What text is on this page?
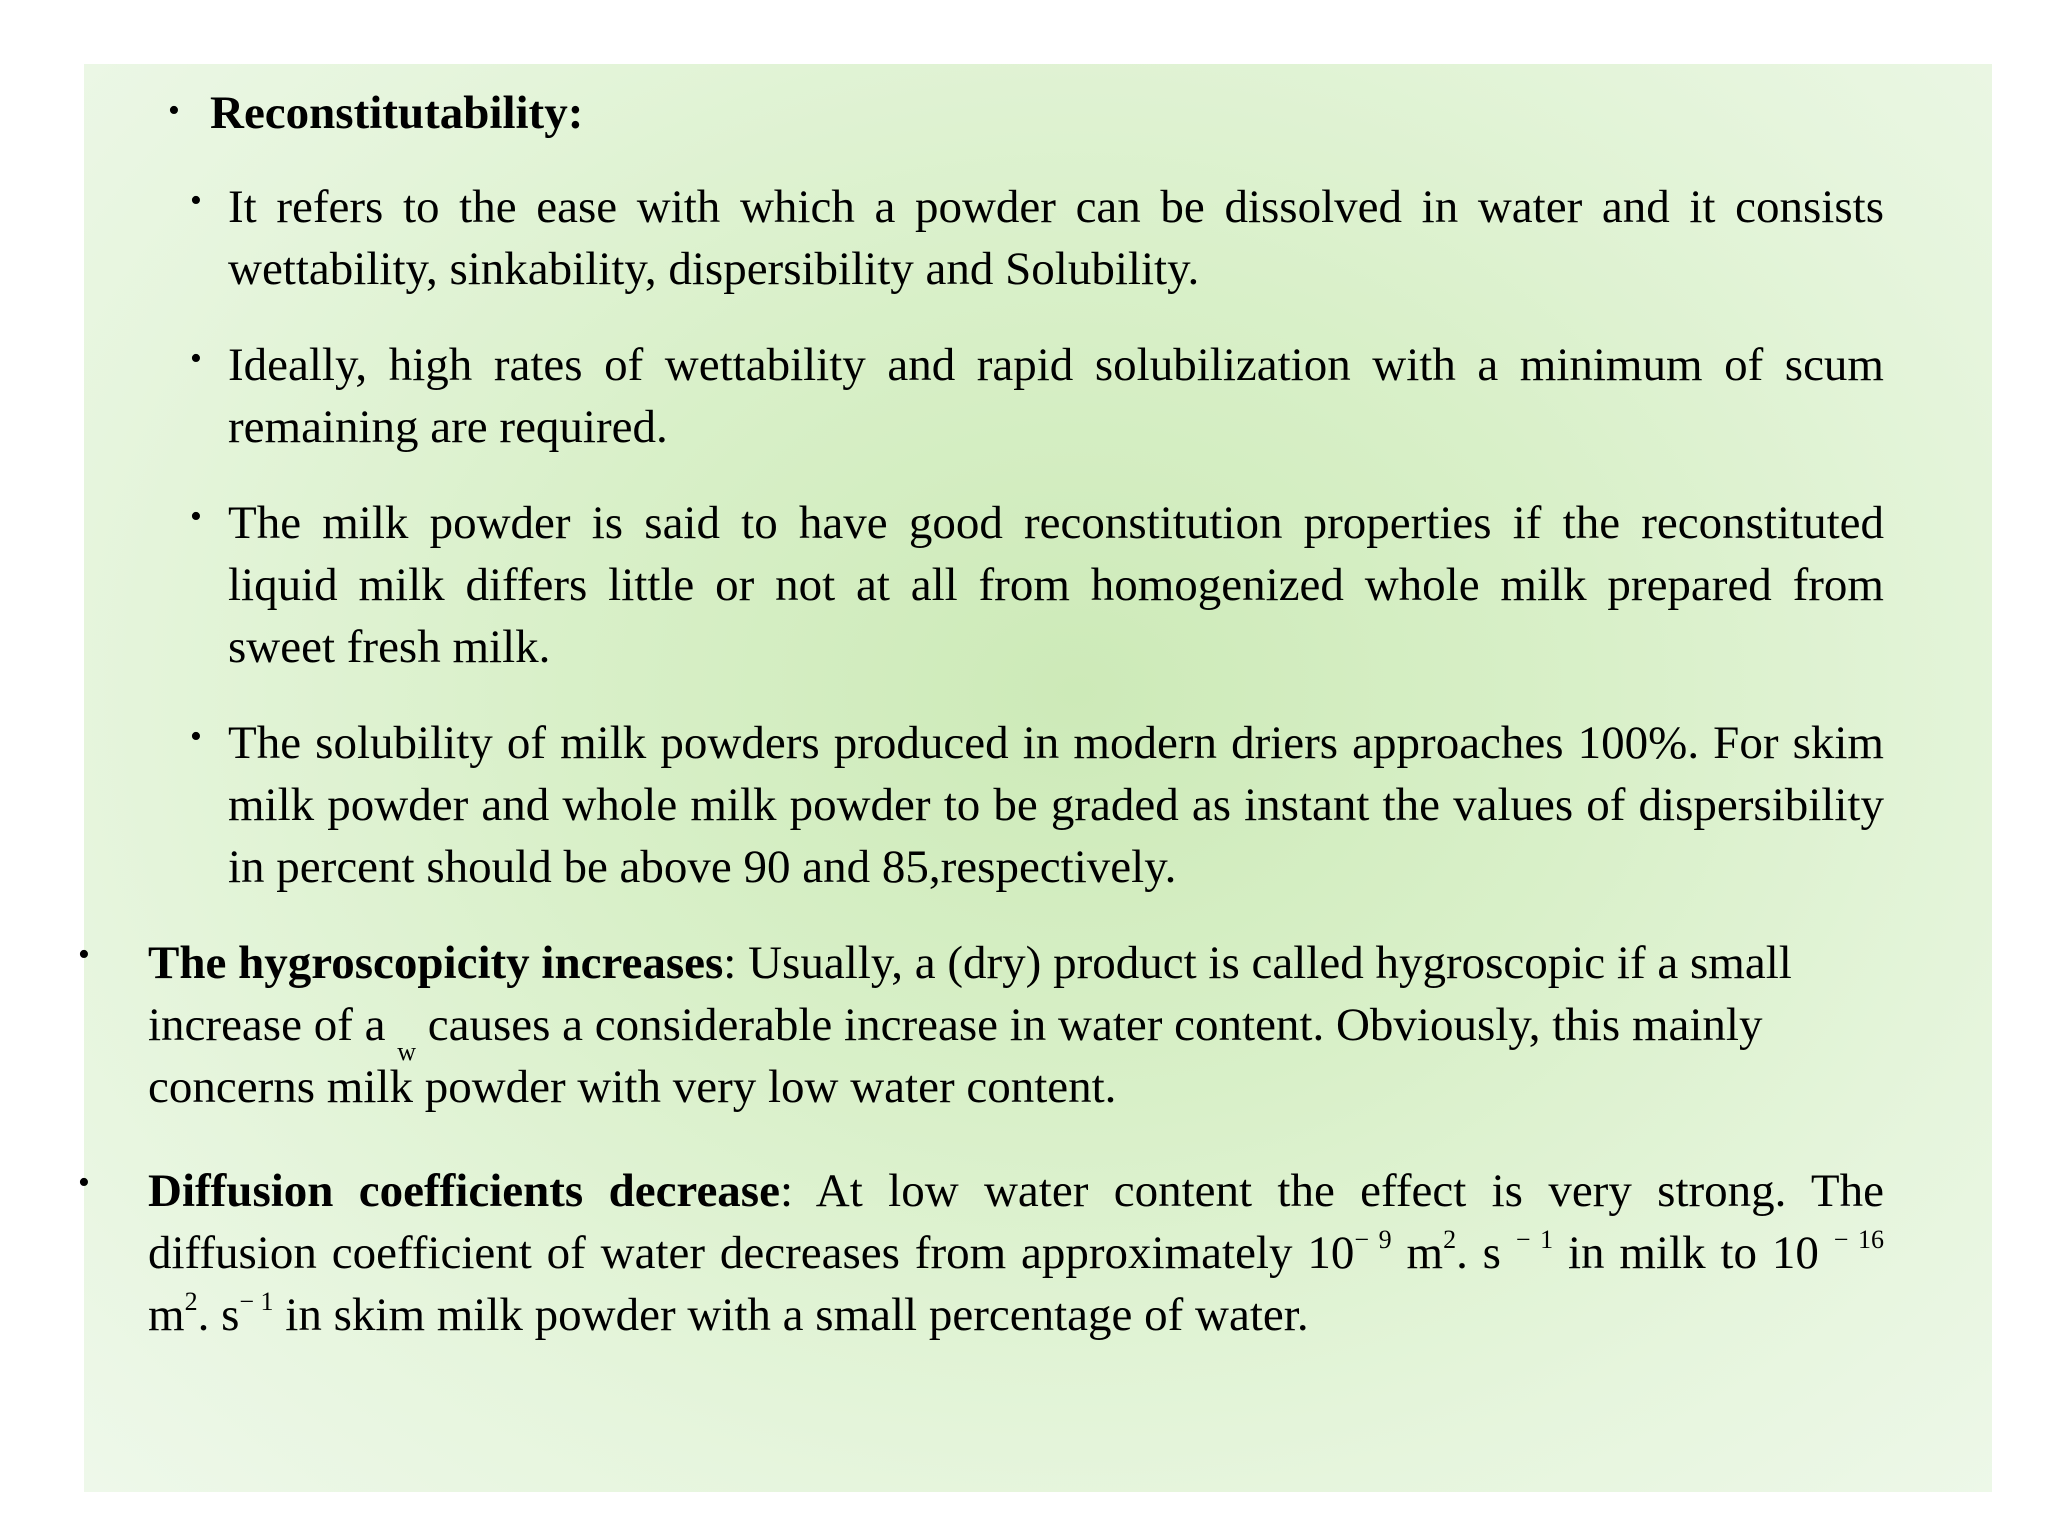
• Reconstitutability:
• It refers to the ease with which a powder can be dissolved in water and it consists wettability, sinkability, dispersibility and Solubility.
• Ideally, high rates of wettability and rapid solubilization with a minimum of scum remaining are required.
• The milk powder is said to have good reconstitution properties if the reconstituted liquid milk differs little or not at all from homogenized whole milk prepared from sweet fresh milk.
• The solubility of milk powders produced in modern driers approaches 100%. For skim milk powder and whole milk powder to be graded as instant the values of dispersibility in percent should be above 90 and 85,respectively.
• The hygroscopicity increases: Usually, a (dry) product is called hygroscopic if a small increase of a $_w$ causes a considerable increase in water content. Obviously, this mainly concerns milk powder with very low water content.
• Diffusion coefficients decrease: At low water content the effect is very strong. The diffusion coefficient of water decreases from approximately $10^{- 9}$ $m^2$. s $^{- 1}$ in milk to 10 $^{- 16}$ $m^2$. $s^{- 1}$ in skim milk powder with a small percentage of water.
